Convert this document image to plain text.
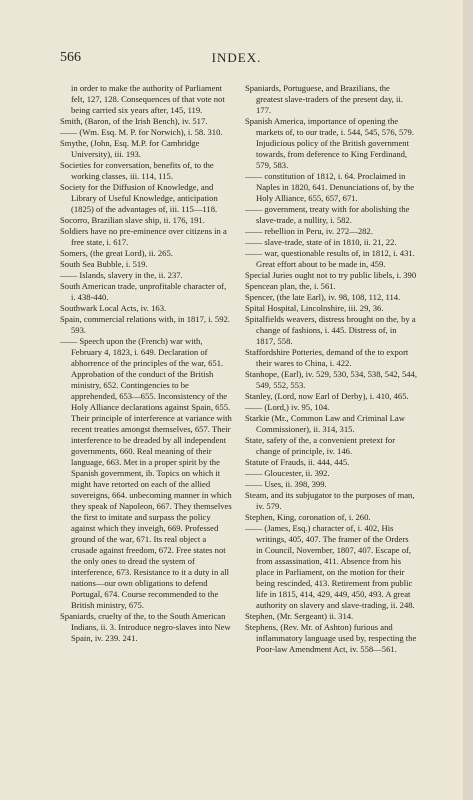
566	INDEX.

in order to make the authority of Parliament felt, 127, 128. Consequences of that vote not being carried six years after, 145, 119.

Smith, (Baron, of the Irish Bench), iv. 517.

—— (Wm. Esq. M. P. for Norwich), i. 58. 310.

Smythe, (John, Esq. M.P. for Cambridge University), iii. 193.

Societies for conversation, benefits of, to the working classes, iii. 114, 115.

Society for the Diffusion of Knowledge, and Library of Useful Knowledge, anticipation (1825) of the advantages of, iii. 115—118.

Socorro, Brazilian slave ship, ii. 176, 191.

Soldiers have no pre-eminence over citizens in a free state, i. 617.

Somers, (the great Lord), ii. 265.

South Sea Bubble, i. 519.

—— Islands, slavery in the, ii. 237.

South American trade, unprofitable character of, i. 438-440.

Southwark Local Acts, iv. 163.

Spain, commercial relations with, in 1817, i. 592. 593.

—— Speech upon the (French) war with, February 4, 1823, i. 649. Declaration of abhorrence of the principles of the war, 651. Approbation of the conduct of the British ministry, 652. Contingencies to be apprehended, 653—655. Inconsistency of the Holy Alliance declarations against Spain, 655. Their principle of interference at variance with recent treaties amongst themselves, 657. Their interference to be dreaded by all independent governments, 660. Real meaning of their language, 663. Met in a proper spirit by the Spanish government, ib. Topics on which it might have retorted on each of the allied sovereigns, 664. unbecoming manner in which they speak of Napoleon, 667. They themselves the first to imitate and surpass the policy against which they inveigh, 669. Professed ground of the war, 671. Its real object a crusade against freedom, 672. Free states not the only ones to dread the system of interference, 673. Resistance to it a duty in all nations—our own obligations to defend Portugal, 674. Course recommended to the British ministry, 675.

Spaniards, cruelty of the, to the South American Indians, ii. 3. Introduce negro-slaves into New Spain, iv. 239. 241.

Spaniards, Portuguese, and Brazilians, the greatest slave-traders of the present day, ii. 177.

Spanish America, importance of opening the markets of, to our trade, i. 544, 545, 576, 579. Injudicious policy of the British government towards, from deference to King Ferdinand, 579, 583.

—— constitution of 1812, i. 64. Proclaimed in Naples in 1820, 641. Denunciations of, by the Holy Alliance, 655, 657, 671.

—— government, treaty with for abolishing the slave-trade, a nullity, i. 582.

—— rebellion in Peru, iv. 272—282.

—— slave-trade, state of in 1810, ii. 21, 22.

—— war, questionable results of, in 1812, i. 431. Great effort about to be made in, 459.

Special Juries ought not to try public libels, i. 390

Spencean plan, the, i. 561.

Spencer, (the late Earl), iv. 98, 108, 112, 114.

Spital Hospital, Lincolnshire, iii. 29, 36.

Spitalfields weavers, distress brought on the, by a change of fashions, i. 445. Distress of, in 1817, 558.

Staffordshire Potteries, demand of the to export their wares to China, i. 422.

Stanhope, (Earl), iv. 529, 530, 534, 538, 542, 544, 549, 552, 553.

Stanley, (Lord, now Earl of Derby), i. 410, 465.

—— (Lord,) iv. 95, 104.

Starkie (Mr., Common Law and Criminal Law Commissioner), ii. 314, 315.

State, safety of the, a convenient pretext for change of principle, iv. 146.

Statute of Frauds, ii. 444, 445.

—— Gloucester, ii. 392.

—— Uses, ii. 398, 399.

Steam, and its subjugator to the purposes of man, iv. 579.

Stephen, King, coronation of, i. 260.

—— (James, Esq.) character of, i. 402, His writings, 405, 407. The framer of the Orders in Council, November, 1807, 407. Escape of, from assassination, 411. Absence from his place in Parliament, on the motion for their being rescinded, 413. Retirement from public life in 1815, 414, 429, 449, 450, 493. A great authority on slavery and slave-trading, ii. 248.

Stephen, (Mr. Sergeant) ii. 314.

Stephens, (Rev. Mr. of Ashton) furious and inflammatory language used by, respecting the Poor-law Amendment Act, iv. 558—561.
